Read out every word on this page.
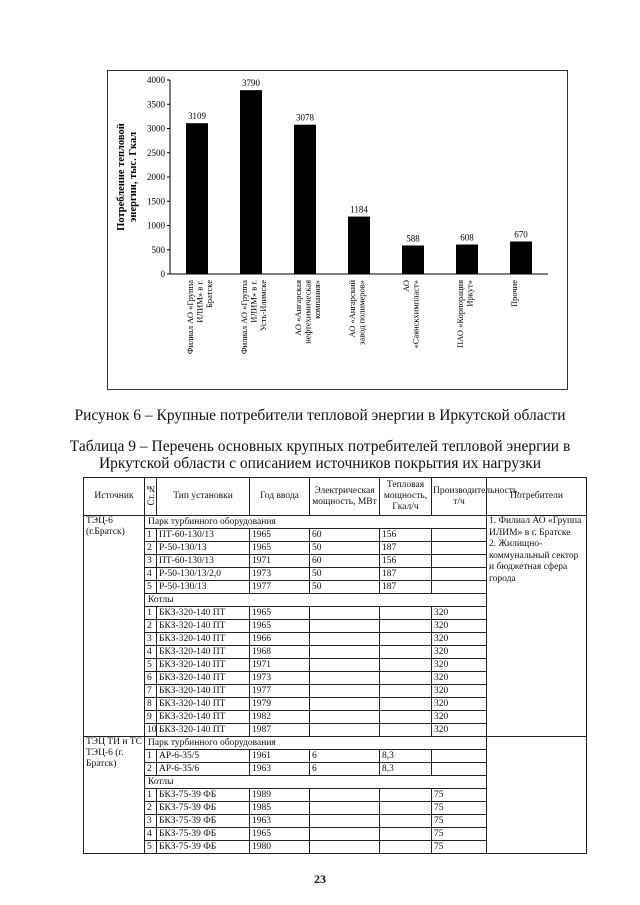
0
500
1000
1500
2000
2500
3000
3500
4000
Потребление тепловойэнергии, тыс. Гкал
3109
3790
3078
1184
588	608	670
Филиал АО «ГруппаИЛИМ» в г.Братске	Филиал АО «ГруппаИЛИМ» в г.Усть-Илимске	АО «Ангарскаянефтехимическаякомпания»	АО «Ангарскийзавод полимеров»	АО«Саянскхимпласт»	ПАО «КорпорацияИркут»	Прочие
Рисунок 6 – Крупные потребители тепловой энергии в Иркутской области
Таблица 9 – Перечень основных крупных потребителей тепловой энергии в
Иркутской области с описанием источников покрытия их нагрузки
Источник	Ст.№	Тип установки	Год ввода	Электрическая мощность, МВт	Тепловая мощность, Гкал/ч	Производительность, т/ч	Потребители
ТЭЦ-6 (г.Братск)	Парк турбинного оборудования						1. Филиал АО «Группа ИЛИМ» в г. Братске
2. Жилищно-коммунальный сектор и бюджетная сфера города
	1	ПТ-60-130/13	1965	60	156		
	2	Р-50-130/13	1965	50	187		
	3	ПТ-60-130/13	1971	60	156		
	4	Р-50-130/13/2,0	1973	50	187		
	5	Р-50-130/13	1977	50	187		
	Котлы						
	1	БКЗ-320-140 ПТ	1965			320	
	2	БКЗ-320-140 ПТ	1965			320	
	3	БКЗ-320-140 ПТ	1966			320	
	4	БКЗ-320-140 ПТ	1968			320	
	5	БКЗ-320-140 ПТ	1971			320	
	6	БКЗ-320-140 ПТ	1973			320	
	7	БКЗ-320-140 ПТ	1977			320	
	8	БКЗ-320-140 ПТ	1979			320	
	9	БКЗ-320-140 ПТ	1982			320	
	10	БКЗ-320-140 ПТ	1987			320	
ТЭЦ ТИ и ТС ТЭЦ-6 (г. Братск)	Парк турбинного оборудования						
	1	АР-6-35/5	1961	6	8,3		
	2	АР-6-35/6	1963	6	8,3		
	Котлы						
	1	БКЗ-75-39 ФБ	1989			75	
	2	БКЗ-75-39 ФБ	1985			75	
	3	БКЗ-75-39 ФБ	1963			75	
	4	БКЗ-75-39 ФБ	1965			75	
	5	БКЗ-75-39 ФБ	1980			75	
23
